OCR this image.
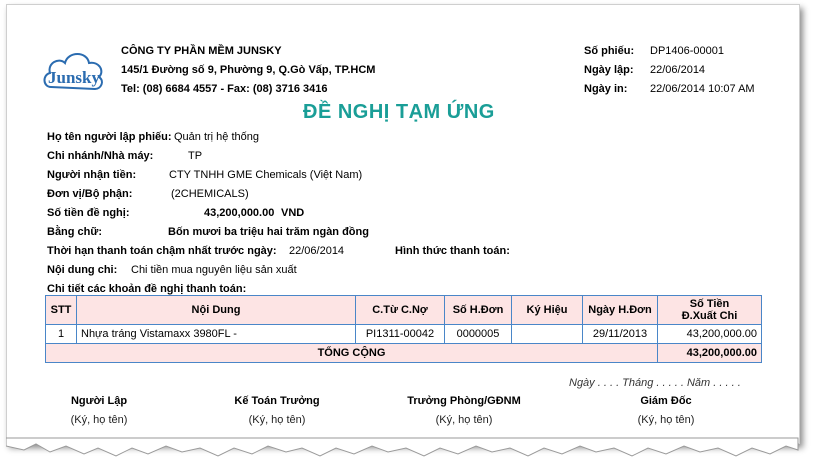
Junsky
CÔNG TY PHẦN MỀM JUNSKY
145/1 Đường số 9, Phường 9, Q.Gò Vấp, TP.HCM
Tel: (08) 6684 4557 - Fax: (08) 3716 3416
Số phiếu: DP1406-00001
Ngày lập: 22/06/2014
Ngày in: 22/06/2014 10:07 AM
ĐỀ NGHỊ TẠM ỨNG
Họ tên người lập phiếu: Quản trị hệ thống
Chi nhánh/Nhà máy:	TP
Người nhận tiền:	CTY TNHH GME Chemicals (Việt Nam)
Đơn vị/Bộ phận:	(2CHEMICALS)
Số tiền đề nghị:	43,200,000.00 VND
Bằng chữ:	Bốn mươi ba triệu hai trăm ngàn đồng
Thời hạn thanh toán chậm nhất trước ngày: 22/06/2014	Hình thức thanh toán:
Nội dung chi: Chi tiền mua nguyên liệu sản xuất
Chi tiết các khoản đề nghị thanh toán:
STT	Nội Dung	C.Từ C.Nợ	Số H.Đơn	Ký Hiệu	Ngày H.Đơn	Số Tiền
Đ.Xuất Chi

1	Nhựa tráng Vistamaxx 3980FL -	PI1311-00042	0000005		29/11/2013	43,200,000.00
TỔNG CỘNG						43,200,000.00
Ngày . . . . Tháng . . . . . Năm . . . . .
Người Lập
(Ký, họ tên)
Kế Toán Trưởng
(Ký, họ tên)
Trưởng Phòng/GĐNM
(Ký, họ tên)
Giám Đốc
(Ký, họ tên)
